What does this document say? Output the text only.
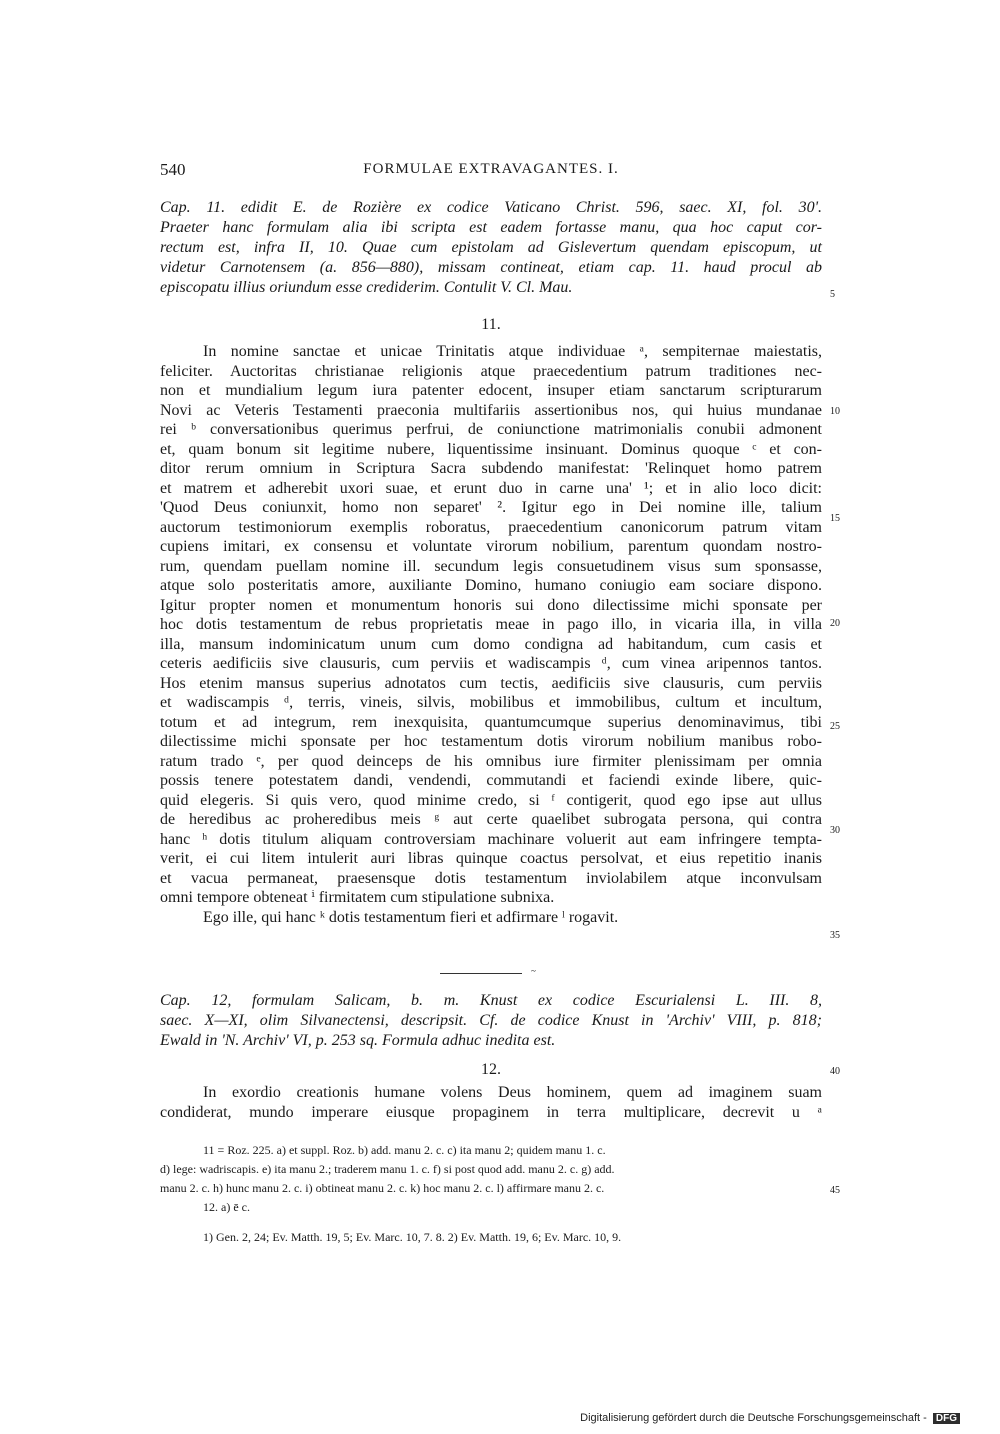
540	FORMULAE EXTRAVAGANTES. I.
Cap. 11. edidit E. de Rozière ex codice Vaticano Christ. 596, saec. XI, fol. 30'.
Praeter hanc formulam alia ibi scripta est eadem fortasse manu, qua hoc caput cor-
rectum est, infra II, 10. Quae cum epistolam ad Gislevertum quendam episcopum, ut
videtur Carnotensem (a. 856—880), missam contineat, etiam cap. 11. haud procul ab
episcopatu illius oriundum esse crediderim. Contulit V. Cl. Mau.
11.
In nomine sanctae et unicae Trinitatis atque individuae ᵃ, sempiternae maiestatis,
feliciter. Auctoritas christianae religionis atque praecedentium patrum traditiones nec-
non et mundialium legum iura patenter edocent, insuper etiam sanctarum scripturarum
Novi ac Veteris Testamenti praeconia multifariis assertionibus nos, qui huius mundanae
rei ᵇ conversationibus querimus perfrui, de coniunctione matrimonialis conubii admonent
et, quam bonum sit legitime nubere, liquentissime insinuant. Dominus quoque ᶜ et con-
ditor rerum omnium in Scriptura Sacra subdendo manifestat: 'Relinquet homo patrem
et matrem et adherebit uxori suae, et erunt duo in carne una' ¹; et in alio loco dicit:
'Quod Deus coniunxit, homo non separet' ². Igitur ego in Dei nomine ille, talium
auctorum testimoniorum exemplis roboratus, praecedentium canonicorum patrum vitam
cupiens imitari, ex consensu et voluntate virorum nobilium, parentum quondam nostro-
rum, quendam puellam nomine ill. secundum legis consuetudinem visus sum sponsasse,
atque solo posteritatis amore, auxiliante Domino, humano coniugio eam sociare dispono.
Igitur propter nomen et monumentum honoris sui dono dilectissime michi sponsate per
hoc dotis testamentum de rebus proprietatis meae in pago illo, in vicaria illa, in villa
illa, mansum indominicatum unum cum domo condigna ad habitandum, cum casis et
ceteris aedificiis sive clausuris, cum perviis et wadiscampis ᵈ, cum vinea aripennos tantos.
Hos etenim mansus superius adnotatos cum tectis, aedificiis sive clausuris, cum perviis
et wadiscampis ᵈ, terris, vineis, silvis, mobilibus et immobilibus, cultum et incultum,
totum et ad integrum, rem inexquisita, quantumcumque superius denominavimus, tibi
dilectissime michi sponsate per hoc testamentum dotis virorum nobilium manibus robo-
ratum trado ᵉ, per quod deinceps de his omnibus iure firmiter plenissimam per omnia
possis tenere potestatem dandi, vendendi, commutandi et faciendi exinde libere, quic-
quid elegeris. Si quis vero, quod minime credo, si ᶠ contigerit, quod ego ipse aut ullus
de heredibus ac proheredibus meis ᵍ aut certe quaelibet subrogata persona, qui contra
hanc ʰ dotis titulum aliquam controversiam machinare voluerit aut eam infringere tempta-
verit, ei cui litem intulerit auri libras quinque coactus persolvat, et eius repetitio inanis
et vacua permaneat, praesensque dotis testamentum inviolabilem atque inconvulsam
omni tempore obteneat ⁱ firmitatem cum stipulatione subnixa.
Ego ille, qui hanc ᵏ dotis testamentum fieri et adfirmare ˡ rogavit.
5
10
15
20
25
30
35
40
45
~
Cap. 12, formulam Salicam, b. m. Knust ex codice Escurialensi L. III. 8,
saec. X—XI, olim Silvanectensi, descripsit. Cf. de codice Knust in 'Archiv' VIII, p. 818;
Ewald in 'N. Archiv' VI, p. 253 sq. Formula adhuc inedita est.
12.
In exordio creationis humane volens Deus hominem, quem ad imaginem suam
condiderat, mundo imperare eiusque propaginem in terra multiplicare, decrevit u ᵃ
11 = Roz. 225. a) et suppl. Roz. b) add. manu 2. c. c) ita manu 2; quidem manu 1. c.
d) lege: wadriscapis. e) ita manu 2.; traderem manu 1. c. f) si post quod add. manu 2. c. g) add.
manu 2. c. h) hunc manu 2. c. i) obtineat manu 2. c. k) hoc manu 2. c. l) affirmare manu 2. c.
12. a) ē c.
1) Gen. 2, 24; Ev. Matth. 19, 5; Ev. Marc. 10, 7. 8. 2) Ev. Matth. 19, 6; Ev. Marc. 10, 9.
Digitalisierung gefördert durch die Deutsche Forschungsgemeinschaft - DFG
